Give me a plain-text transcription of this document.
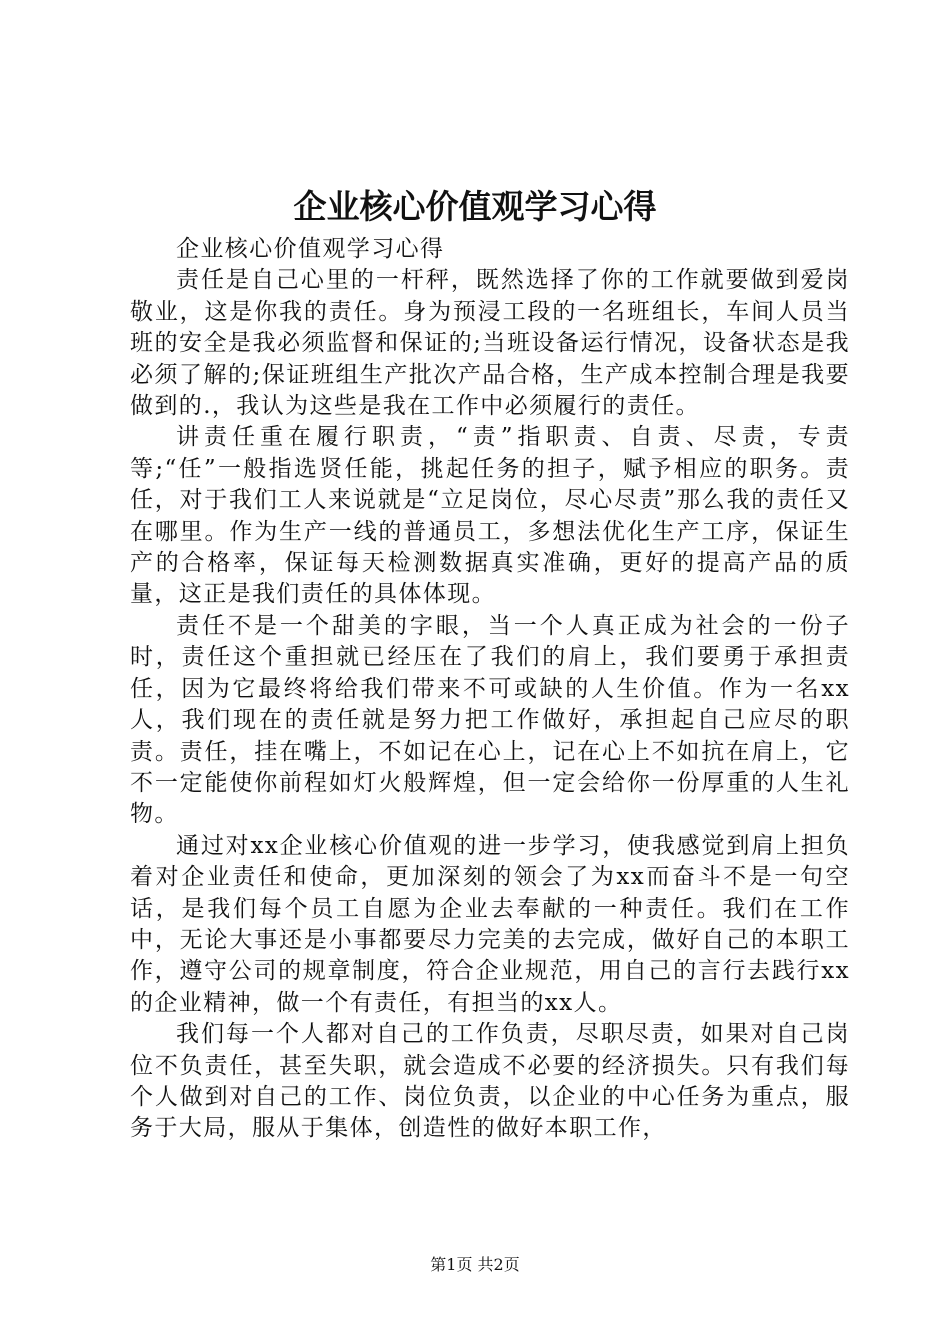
企业核心价值观学习心得

企业核心价值观学习心得

责任是自己心里的一杆秤，既然选择了你的工作就要做到爱岗敬业，这是你我的责任。身为预浸工段的一名班组长，车间人员当班的安全是我必须监督和保证的;当班设备运行情况，设备状态是我必须了解的;保证班组生产批次产品合格，生产成本控制合理是我要做到的.，我认为这些是我在工作中必须履行的责任。

讲责任重在履行职责，“责”指职责、自责、尽责，专责等;“任”一般指选贤任能，挑起任务的担子，赋予相应的职务。责任，对于我们工人来说就是“立足岗位，尽心尽责”那么我的责任又在哪里。作为生产一线的普通员工，多想法优化生产工序，保证生产的合格率，保证每天检测数据真实准确，更好的提高产品的质量，这正是我们责任的具体体现。

责任不是一个甜美的字眼，当一个人真正成为社会的一份子时，责任这个重担就已经压在了我们的肩上，我们要勇于承担责任，因为它最终将给我们带来不可或缺的人生价值。作为一名xx人，我们现在的责任就是努力把工作做好，承担起自己应尽的职责。责任，挂在嘴上，不如记在心上，记在心上不如抗在肩上，它不一定能使你前程如灯火般辉煌，但一定会给你一份厚重的人生礼物。

通过对xx企业核心价值观的进一步学习，使我感觉到肩上担负着对企业责任和使命，更加深刻的领会了为xx而奋斗不是一句空话，是我们每个员工自愿为企业去奉献的一种责任。我们在工作中，无论大事还是小事都要尽力完美的去完成，做好自己的本职工作，遵守公司的规章制度，符合企业规范，用自己的言行去践行xx的企业精神，做一个有责任，有担当的xx人。

我们每一个人都对自己的工作负责，尽职尽责，如果对自己岗位不负责任，甚至失职，就会造成不必要的经济损失。只有我们每个人做到对自己的工作、岗位负责，以企业的中心任务为重点，服务于大局，服从于集体，创造性的做好本职工作，

第1页 共2页
